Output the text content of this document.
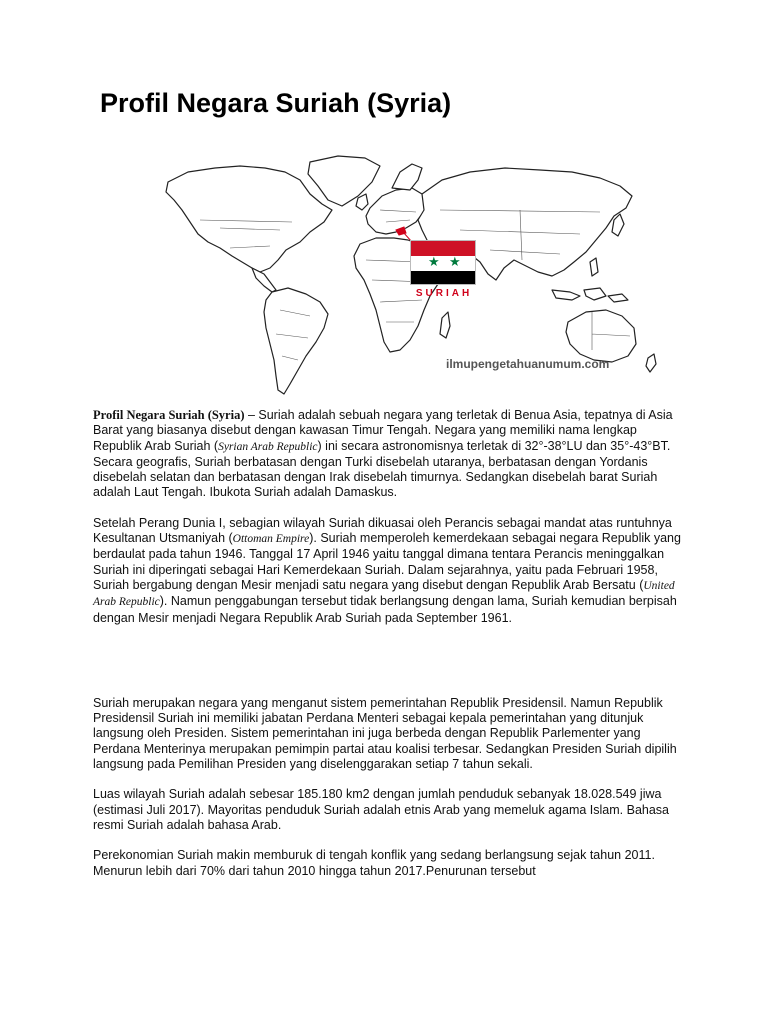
Profil Negara Suriah (Syria)
★ ★
SURIAH
ilmupengetahuanumum.com

Profil Negara Suriah (Syria) – Suriah adalah sebuah negara yang terletak di Benua Asia, tepatnya di Asia Barat yang biasanya disebut dengan kawasan Timur Tengah. Negara yang memiliki nama lengkap Republik Arab Suriah (Syrian Arab Republic) ini secara astronomisnya terletak di 32°-38°LU dan 35°-43°BT. Secara geografis, Suriah berbatasan dengan Turki disebelah utaranya, berbatasan dengan Yordanis disebelah selatan dan berbatasan dengan Irak disebelah timurnya. Sedangkan disebelah barat Suriah adalah Laut Tengah. Ibukota Suriah adalah Damaskus.

Setelah Perang Dunia I, sebagian wilayah Suriah dikuasai oleh Perancis sebagai mandat atas runtuhnya Kesultanan Utsmaniyah (Ottoman Empire). Suriah memperoleh kemerdekaan sebagai negara Republik yang berdaulat pada tahun 1946. Tanggal 17 April 1946 yaitu tanggal dimana tentara Perancis meninggalkan Suriah ini diperingati sebagai Hari Kemerdekaan Suriah. Dalam sejarahnya, yaitu pada Februari 1958, Suriah bergabung dengan Mesir menjadi satu negara yang disebut dengan Republik Arab Bersatu (United Arab Republic). Namun penggabungan tersebut tidak berlangsung dengan lama, Suriah kemudian berpisah dengan Mesir menjadi Negara Republik Arab Suriah pada September 1961.

Suriah merupakan negara yang menganut sistem pemerintahan Republik Presidensil. Namun Republik Presidensil Suriah ini memiliki jabatan Perdana Menteri sebagai kepala pemerintahan yang ditunjuk langsung oleh Presiden. Sistem pemerintahan ini juga berbeda dengan Republik Parlementer yang Perdana Menterinya merupakan pemimpin partai atau koalisi terbesar. Sedangkan Presiden Suriah dipilih langsung pada Pemilihan Presiden yang diselenggarakan setiap 7 tahun sekali.

Luas wilayah Suriah adalah sebesar 185.180 km2 dengan jumlah penduduk sebanyak 18.028.549 jiwa (estimasi Juli 2017). Mayoritas penduduk Suriah adalah etnis Arab yang memeluk agama Islam. Bahasa resmi Suriah adalah bahasa Arab.

Perekonomian Suriah makin memburuk di tengah konflik yang sedang berlangsung sejak tahun 2011. Menurun lebih dari 70% dari tahun 2010 hingga tahun 2017.Penurunan tersebut
